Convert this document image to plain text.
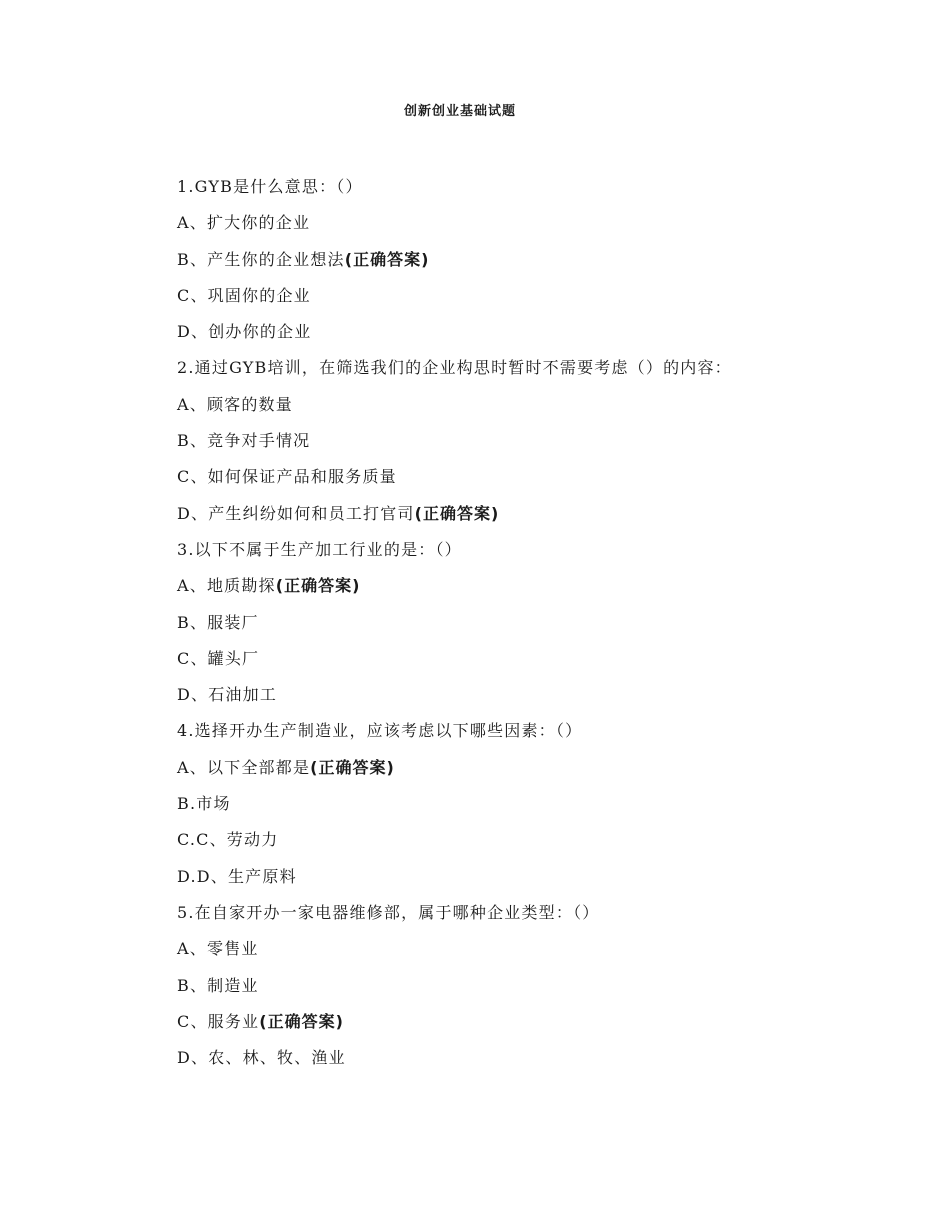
创新创业基础试题
1.GYB是什么意思：（）
A、扩大你的企业
B、产生你的企业想法(正确答案)
C、巩固你的企业
D、创办你的企业
2.通过GYB培训，在筛选我们的企业构思时暂时不需要考虑（）的内容：
A、顾客的数量
B、竞争对手情况
C、如何保证产品和服务质量
D、产生纠纷如何和员工打官司(正确答案)
3.以下不属于生产加工行业的是：（）
A、地质勘探(正确答案)
B、服装厂
C、罐头厂
D、石油加工
4.选择开办生产制造业，应该考虑以下哪些因素：（）
A、以下全部都是(正确答案)
B.市场
C.C、劳动力
D.D、生产原料
5.在自家开办一家电器维修部，属于哪种企业类型：（）
A、零售业
B、制造业
C、服务业(正确答案)
D、农、林、牧、渔业
